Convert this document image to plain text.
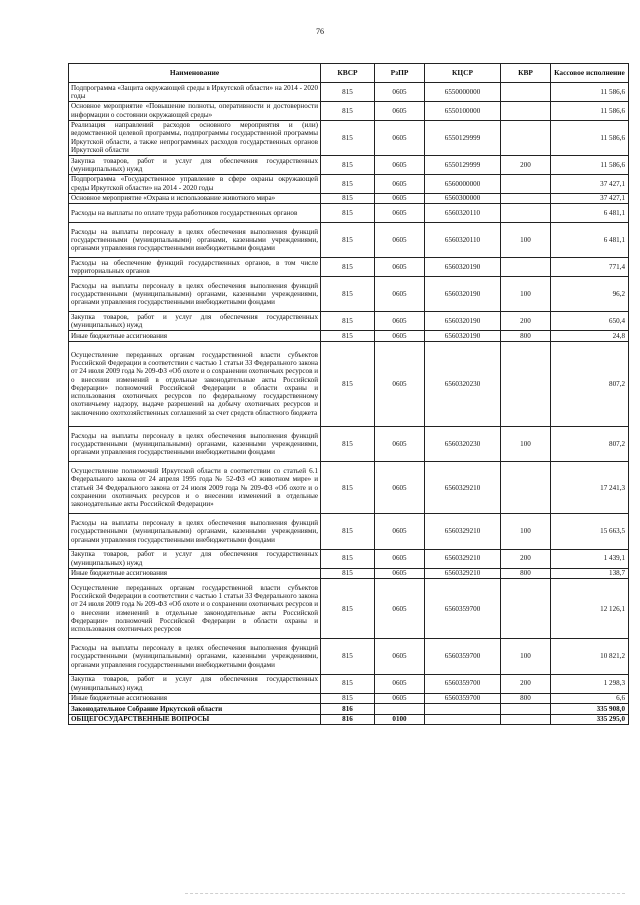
76
Наименование	КВСР	РзПР	КЦСР	КВР	Кассовое исполнение
Подпрограмма «Защита окружающей среды в Иркутской области» на 2014 - 2020 годы	815	0605	6550000000		11 586,6
Основное мероприятие «Повышение полноты, оперативности и достоверности информации о состоянии окружающей среды»	815	0605	6550100000		11 586,6
Реализация направлений расходов основного мероприятия и (или) ведомственной целевой программы, подпрограммы государственной программы Иркутской области, а также непрограммных расходов государственных органов Иркутской области	815	0605	6550129999		11 586,6
Закупка товаров, работ и услуг для обеспечения государственных (муниципальных) нужд	815	0605	6550129999	200	11 586,6
Подпрограмма «Государственное управление в сфере охраны окружающей среды Иркутской области» на 2014 - 2020 годы	815	0605	6560000000		37 427,1
Основное мероприятие «Охрана и использование животного мира»	815	0605	6560300000		37 427,1
Расходы на выплаты по оплате труда работников государственных органов	815	0605	6560320110		6 481,1
Расходы на выплаты персоналу в целях обеспечения выполнения функций государственными (муниципальными) органами, казенными учреждениями, органами управления государственными внебюджетными фондами	815	0605	6560320110	100	6 481,1
Расходы на обеспечение функций государственных органов, в том числе территориальных органов	815	0605	6560320190		771,4
Расходы на выплаты персоналу в целях обеспечения выполнения функций государственными (муниципальными) органами, казенными учреждениями, органами управления государственными внебюджетными фондами	815	0605	6560320190	100	96,2
Закупка товаров, работ и услуг для обеспечения государственных (муниципальных) нужд	815	0605	6560320190	200	650,4
Иные бюджетные ассигнования	815	0605	6560320190	800	24,8
Осуществление переданных органам государственной власти субъектов Российской Федерации в соответствии с частью 1 статьи 33 Федерального закона от 24 июля 2009 года № 209-ФЗ «Об охоте и о сохранении охотничьих ресурсов и о внесении изменений в отдельные законодательные акты Российской Федерации» полномочий Российской Федерации в области охраны и использования охотничьих ресурсов по федеральному государственному охотничьему надзору, выдаче разрешений на добычу охотничьих ресурсов и заключению охотхозяйственных соглашений за счет средств областного бюджета	815	0605	6560320230		807,2
Расходы на выплаты персоналу в целях обеспечения выполнения функций государственными (муниципальными) органами, казенными учреждениями, органами управления государственными внебюджетными фондами	815	0605	6560320230	100	807,2
Осуществление полномочий Иркутской области в соответствии со статьей 6.1 Федерального закона от 24 апреля 1995 года № 52-ФЗ «О животном мире» и статьей 34 Федерального закона от 24 июля 2009 года № 209-ФЗ «Об охоте и о сохранении охотничьих ресурсов и о внесении изменений в отдельные законодательные акты Российской Федерации»	815	0605	6560329210		17 241,3
Расходы на выплаты персоналу в целях обеспечения выполнения функций государственными (муниципальными) органами, казенными учреждениями, органами управления государственными внебюджетными фондами	815	0605	6560329210	100	15 663,5
Закупка товаров, работ и услуг для обеспечения государственных (муниципальных) нужд	815	0605	6560329210	200	1 439,1
Иные бюджетные ассигнования	815	0605	6560329210	800	138,7
Осуществление переданных органам государственной власти субъектов Российской Федерации в соответствии с частью 1 статьи 33 Федерального закона от 24 июля 2009 года № 209-ФЗ «Об охоте и о сохранении охотничьих ресурсов и о внесении изменений в отдельные законодательные акты Российской Федерации» полномочий Российской Федерации в области охраны и использования охотничьих ресурсов	815	0605	6560359700		12 126,1
Расходы на выплаты персоналу в целях обеспечения выполнения функций государственными (муниципальными) органами, казенными учреждениями, органами управления государственными внебюджетными фондами	815	0605	6560359700	100	10 821,2
Закупка товаров, работ и услуг для обеспечения государственных (муниципальных) нужд	815	0605	6560359700	200	1 298,3
Иные бюджетные ассигнования	815	0605	6560359700	800	6,6
Законодательное Собрание Иркутской области	816				335 908,0
ОБЩЕГОСУДАРСТВЕННЫЕ ВОПРОСЫ	816	0100			335 295,0
